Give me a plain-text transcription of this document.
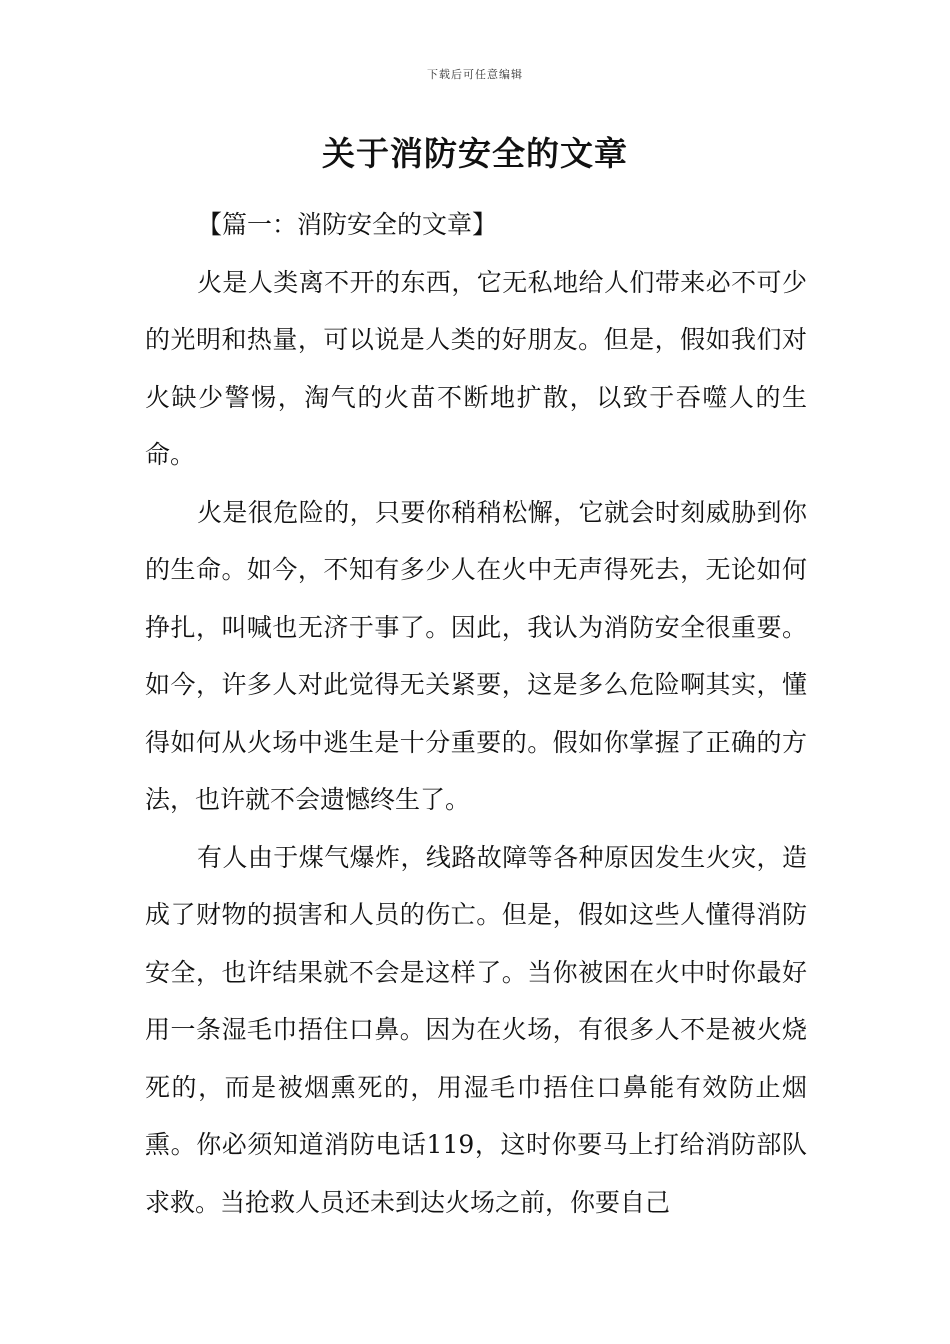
下载后可任意编辑
关于消防安全的文章

【篇一：消防安全的文章】

火是人类离不开的东西，它无私地给人们带来必不可少的光明和热量，可以说是人类的好朋友。但是，假如我们对火缺少警惕，淘气的火苗不断地扩散，以致于吞噬人的生命。

火是很危险的，只要你稍稍松懈，它就会时刻威胁到你的生命。如今，不知有多少人在火中无声得死去，无论如何挣扎，叫喊也无济于事了。因此，我认为消防安全很重要。如今，许多人对此觉得无关紧要，这是多么危险啊其实，懂得如何从火场中逃生是十分重要的。假如你掌握了正确的方法，也许就不会遗憾终生了。

有人由于煤气爆炸，线路故障等各种原因发生火灾，造成了财物的损害和人员的伤亡。但是，假如这些人懂得消防安全，也许结果就不会是这样了。当你被困在火中时你最好用一条湿毛巾捂住口鼻。因为在火场，有很多人不是被火烧死的，而是被烟熏死的，用湿毛巾捂住口鼻能有效防止烟熏。你必须知道消防电话119，这时你要马上打给消防部队求救。当抢救人员还未到达火场之前，你要自己
